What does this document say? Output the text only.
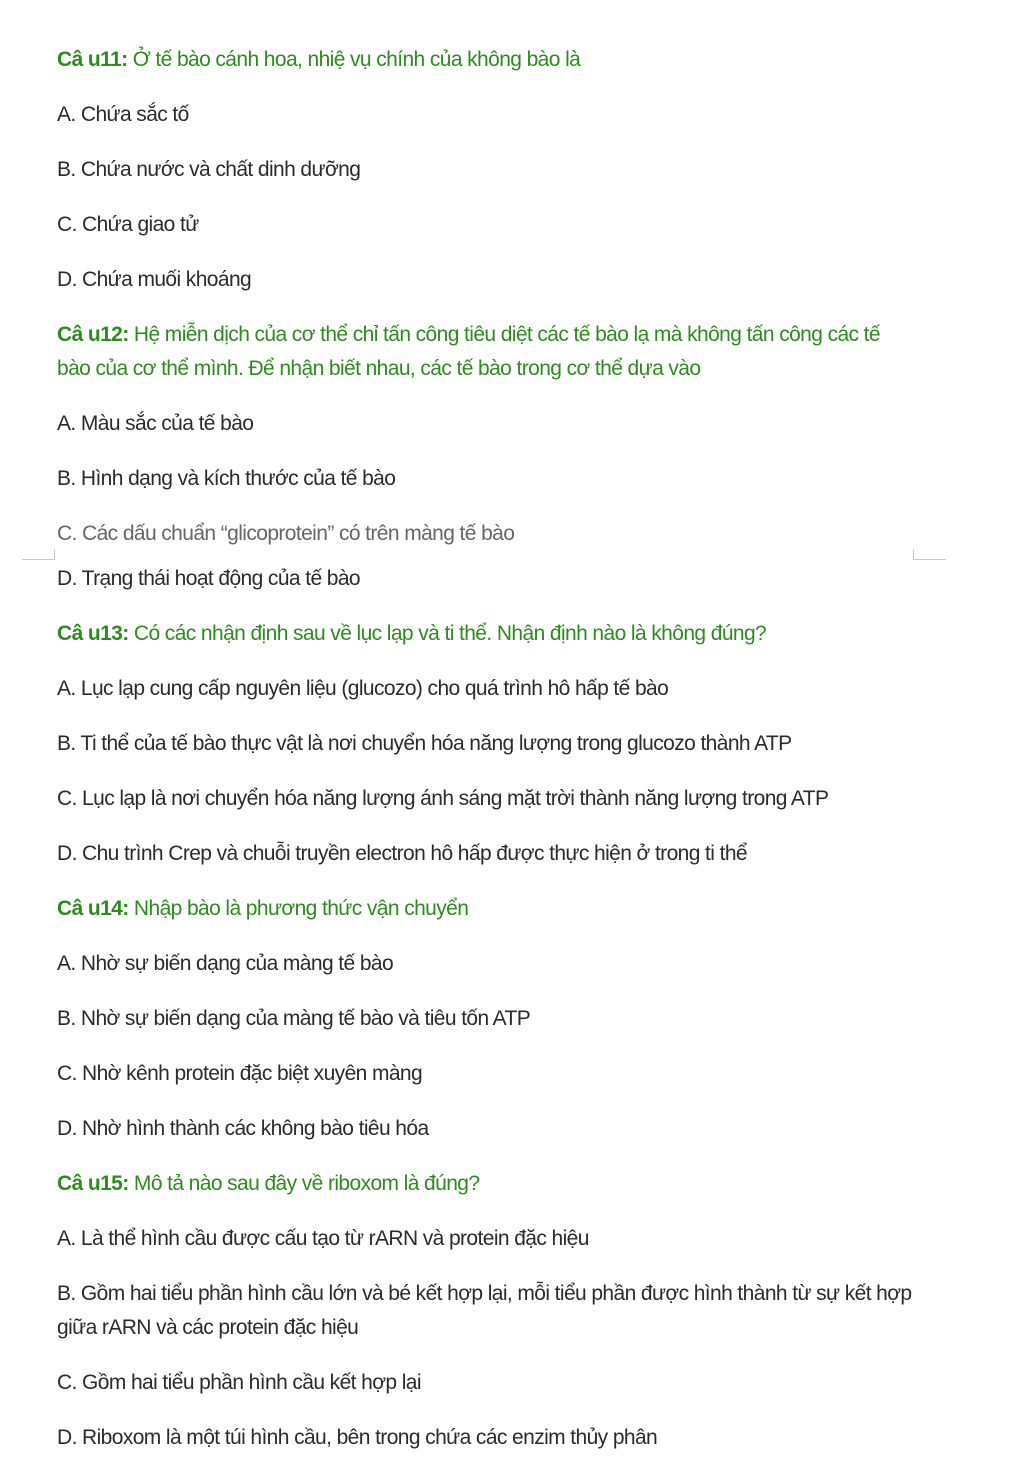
Câ u11: Ở tế bào cánh hoa, nhiệ vụ chính của không bào là
A. Chứa sắc tố
B. Chứa nước và chất dinh dưỡng
C. Chứa giao tử
D. Chứa muối khoáng
Câ u12: Hệ miễn dịch của cơ thể chỉ tấn công tiêu diệt các tế bào lạ mà không tấn công các tế bào của cơ thể mình. Để nhận biết nhau, các tế bào trong cơ thể dựa vào
A. Màu sắc của tế bào
B. Hình dạng và kích thước của tế bào
C. Các dấu chuẩn “glicoprotein” có trên màng tế bào
D. Trạng thái hoạt động của tế bào
Câ u13: Có các nhận định sau về lục lạp và ti thể. Nhận định nào là không đúng?
A. Lục lạp cung cấp nguyên liệu (glucozo) cho quá trình hô hấp tế bào
B. Ti thể của tế bào thực vật là nơi chuyển hóa năng lượng trong glucozo thành ATP
C. Lục lạp là nơi chuyển hóa năng lượng ánh sáng mặt trời thành năng lượng trong ATP
D. Chu trình Crep và chuỗi truyền electron hô hấp được thực hiện ở trong ti thể
Câ u14: Nhập bào là phương thức vận chuyển
A. Nhờ sự biến dạng của màng tế bào
B. Nhờ sự biến dạng của màng tế bào và tiêu tốn ATP
C. Nhờ kênh protein đặc biệt xuyên màng
D. Nhờ hình thành các không bào tiêu hóa
Câ u15: Mô tả nào sau đây về riboxom là đúng?
A. Là thể hình cầu được cấu tạo từ rARN và protein đặc hiệu
B. Gồm hai tiểu phần hình cầu lớn và bé kết hợp lại, mỗi tiểu phần được hình thành từ sự kết hợp giữa rARN và các protein đặc hiệu
C. Gồm hai tiểu phần hình cầu kết hợp lại
D. Riboxom là một túi hình cầu, bên trong chứa các enzim thủy phân
